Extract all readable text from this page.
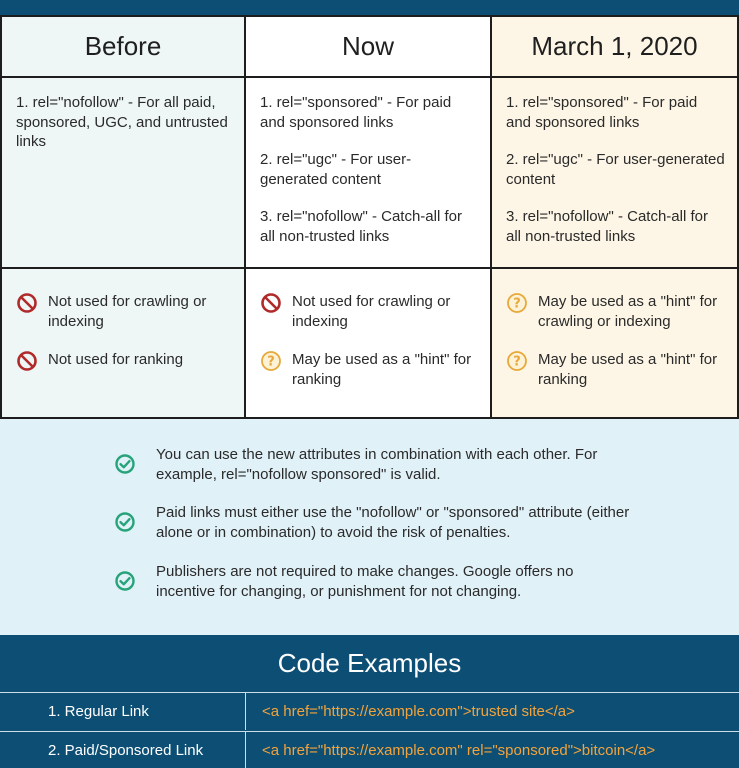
Before

1. rel="nofollow" - For all paid, sponsored, UGC, and untrusted links

Not used for crawling or indexing
Not used for ranking
Now

1. rel="sponsored" - For paid and sponsored links

2. rel="ugc" - For user-generated content

3. rel="nofollow" - Catch-all for all non-trusted links

Not used for crawling or indexing
? May be used as a "hint" for ranking
March 1, 2020

1. rel="sponsored" - For paid and sponsored links

2. rel="ugc" - For user-generated content

3. rel="nofollow" - Catch-all for all non-trusted links

? May be used as a "hint" for crawling or indexing
? May be used as a "hint" for ranking
You can use the new attributes in combination with each other. For example, rel="nofollow sponsored" is valid.
Paid links must either use the "nofollow" or "sponsored" attribute (either alone or in combination) to avoid the risk of penalties.
Publishers are not required to make changes. Google offers no incentive for changing, or punishment for not changing.
Code Examples
1. Regular Link	<a href="https://example.com">trusted site</a>
2. Paid/Sponsored Link	<a href="https://example.com" rel="sponsored">bitcoin</a>
